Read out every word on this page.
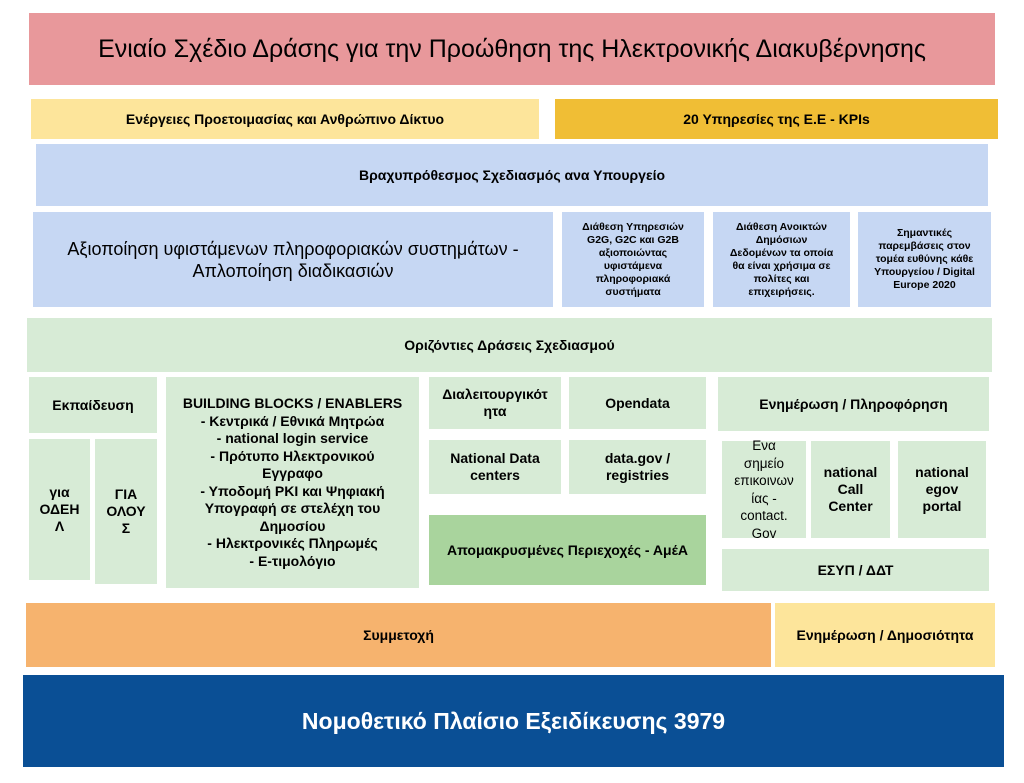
Ενιαίο Σχέδιο Δράσης για την Προώθηση της Ηλεκτρονικής Διακυβέρνησης
Ενέργειες Προετοιμασίας και Ανθρώπινο Δίκτυο	20 Υπηρεσίες της Ε.Ε - KPIs
Βραχυπρόθεσμος Σχεδιασμός ανα Υπουργείο
Αξιοποίηση υφιστάμενων πληροφοριακών συστημάτων -
Απλοποίηση διαδικασιών
Διάθεση Υπηρεσιών
G2G, G2C και G2B
αξιοποιώντας
υφιστάμενα
πληροφοριακά
συστήματα
Διάθεση Ανοικτών
Δημόσιων
Δεδομένων τα οποία
θα είναι χρήσιμα σε
πολίτες και
επιχειρήσεις.
Σημαντικές
παρεμβάσεις στον
τομέα ευθύνης κάθε
Υπουργείου / Digital
Europe 2020
Οριζόντιες Δράσεις Σχεδιασμού
Εκπαίδευση
για
ΟΔΕΗ
Λ
ΓΙΑ
ΟΛΟΥ
Σ
BUILDING BLOCKS / ENABLERS
- Κεντρικά / Εθνικά Μητρώα
- national login service
- Πρότυπο Ηλεκτρονικού
Εγγραφο
- Υποδομή PKI και Ψηφιακή
Υπογραφή σε στελέχη του
Δημοσίου
- Ηλεκτρονικές Πληρωμές
- Ε-τιμολόγιο
Διαλειτουργικότ
ητα	Opendata
National Data
centers
data.gov /
registries
Απομακρυσμένες Περιεχοχές - ΑμέΑ
Ενημέρωση / Πληροφόρηση
Ενα
σημείο
επικοινων
ίας -
contact.
Gov
national
Call
Center
national
egov
portal
ΕΣΥΠ / ΔΔΤ
Συμμετοχή	Ενημέρωση / Δημοσιότητα
Νομοθετικό Πλαίσιο Εξειδίκευσης 3979
